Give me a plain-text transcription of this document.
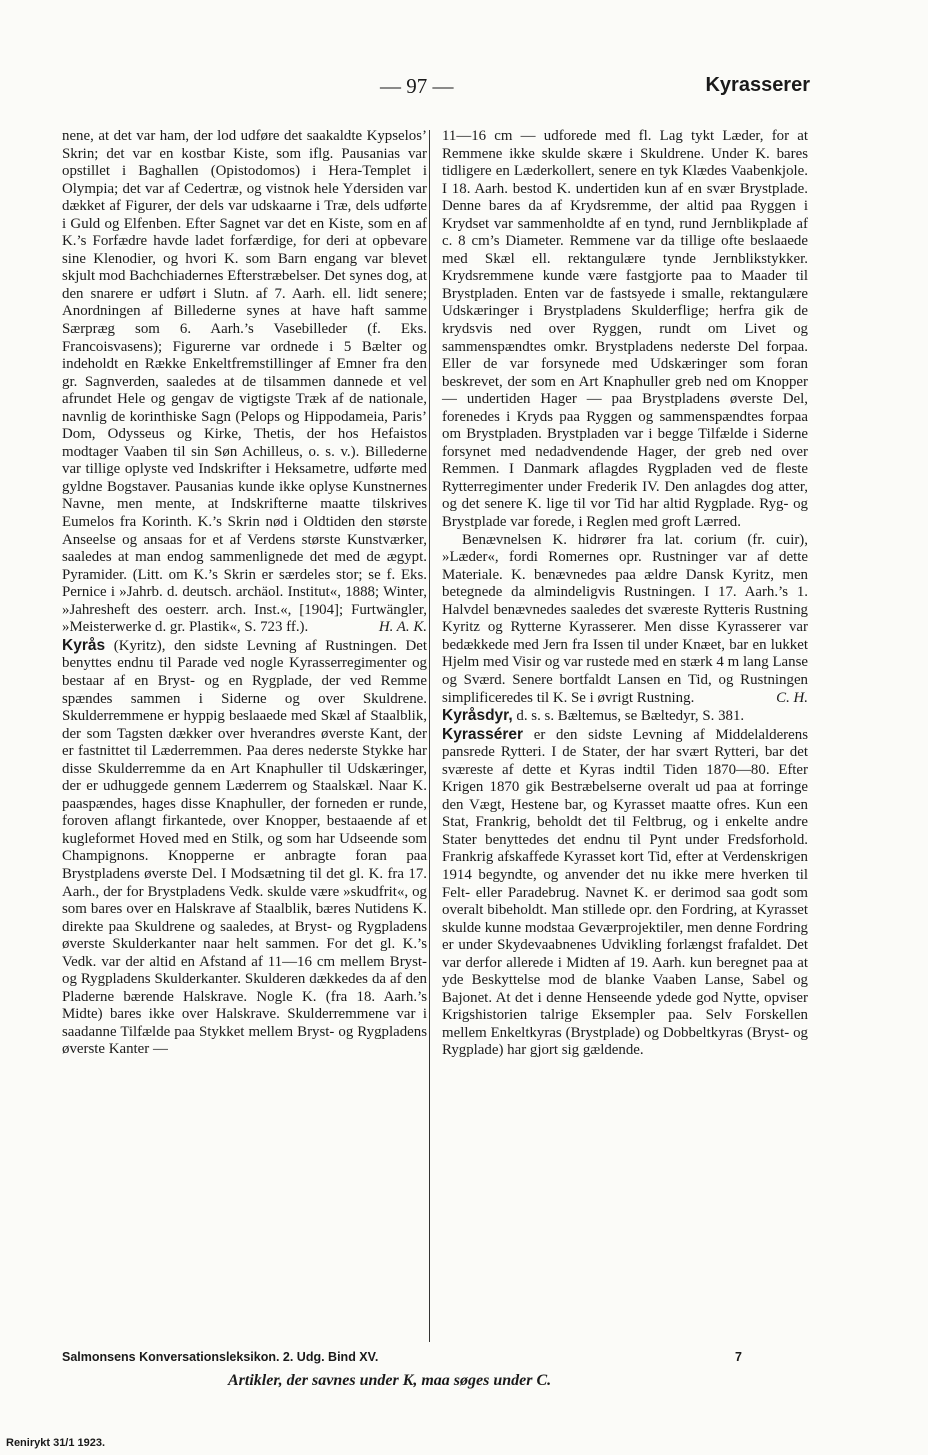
— 97 —	Kyrasserer

nene, at det var ham, der lod udføre det saakaldte Kypselos’ Skrin; det var en kostbar Kiste, som iflg. Pausanias var opstillet i Baghallen (Opistodomos) i Hera-Templet i Olympia; det var af Cedertræ, og vistnok hele Ydersiden var dækket af Figurer, der dels var udskaarne i Træ, dels udførte i Guld og Elfenben. Efter Sagnet var det en Kiste, som en af K.’s Forfædre havde ladet forfærdige, for deri at opbevare sine Klenodier, og hvori K. som Barn engang var blevet skjult mod Bachchiadernes Efterstræbelser. Det synes dog, at den snarere er udført i Slutn. af 7. Aarh. ell. lidt senere; Anordningen af Billederne synes at have haft samme Særpræg som 6. Aarh.’s Vasebilleder (f. Eks. Francoisvasens); Figurerne var ordnede i 5 Bælter og indeholdt en Række Enkeltfremstillinger af Emner fra den gr. Sagnverden, saaledes at de tilsammen dannede et vel afrundet Hele og gengav de vigtigste Træk af de nationale, navnlig de korinthiske Sagn (Pelops og Hippodameia, Paris’ Dom, Odysseus og Kirke, Thetis, der hos Hefaistos modtager Vaaben til sin Søn Achilleus, o. s. v.). Billederne var tillige oplyste ved Indskrifter i Heksametre, udførte med gyldne Bogstaver. Pausanias kunde ikke oplyse Kunstnernes Navne, men mente, at Indskrifterne maatte tilskrives Eumelos fra Korinth. K.’s Skrin nød i Oldtiden den største Anseelse og ansaas for et af Verdens største Kunstværker, saaledes at man endog sammenlignede det med de ægypt. Pyramider. (Litt. om K.’s Skrin er særdeles stor; se f. Eks. Pernice i »Jahrb. d. deutsch. archäol. Institut«, 1888; Winter, »Jahresheft des oesterr. arch. Inst.«, [1904]; Furtwängler, »Meisterwerke d. gr. Plastik«, S. 723 ff.).	H. A. K.

Kyrås (Kyritz), den sidste Levning af Rustningen. Det benyttes endnu til Parade ved nogle Kyrasserregimenter og bestaar af en Bryst- og en Rygplade, der ved Remme spændes sammen i Siderne og over Skuldrene. Skulderremmene er hyppig beslaaede med Skæl af Staalblik, der som Tagsten dækker over hverandres øverste Kant, der er fastnittet til Læderremmen. Paa deres nederste Stykke har disse Skulderremme da en Art Knaphuller til Udskæringer, der er udhuggede gennem Læderrem og Staalskæl. Naar K. paaspændes, hages disse Knaphuller, der forneden er runde, foroven aflangt firkantede, over Knopper, bestaaende af et kugleformet Hoved med en Stilk, og som har Udseende som Champignons. Knopperne er anbragte foran paa Brystpladens øverste Del. I Modsætning til det gl. K. fra 17. Aarh., der for Brystpladens Vedk. skulde være »skudfrit«, og som bares over en Halskrave af Staalblik, bæres Nutidens K. direkte paa Skuldrene og saaledes, at Bryst- og Rygpladens øverste Skulderkanter naar helt sammen. For det gl. K.’s Vedk. var der altid en Afstand af 11—16 cm mellem Bryst- og Rygpladens Skulderkanter. Skulderen dækkedes da af den Pladerne bærende Halskrave. Nogle K. (fra 18. Aarh.’s Midte) bares ikke over Halskrave. Skulderremmene var i saadanne Tilfælde paa Stykket mellem Bryst- og Rygpladens øverste Kanter —

11—16 cm — udforede med fl. Lag tykt Læder, for at Remmene ikke skulde skære i Skuldrene. Under K. bares tidligere en Læderkollert, senere en tyk Klædes Vaabenkjole. I 18. Aarh. bestod K. undertiden kun af en svær Brystplade. Denne bares da af Krydsremme, der altid paa Ryggen i Krydset var sammenholdte af en tynd, rund Jernblikplade af c. 8 cm’s Diameter. Remmene var da tillige ofte beslaaede med Skæl ell. rektangulære tynde Jernblikstykker. Krydsremmene kunde være fastgjorte paa to Maader til Brystpladen. Enten var de fastsyede i smalle, rektangulære Udskæringer i Brystpladens Skulderflige; herfra gik de krydsvis ned over Ryggen, rundt om Livet og sammenspændtes omkr. Brystpladens nederste Del forpaa. Eller de var forsynede med Udskæringer som foran beskrevet, der som en Art Knaphuller greb ned om Knopper — undertiden Hager — paa Brystpladens øverste Del, forenedes i Kryds paa Ryggen og sammenspændtes forpaa om Brystpladen. Brystpladen var i begge Tilfælde i Siderne forsynet med nedadvendende Hager, der greb ned over Remmen. I Danmark aflagdes Rygpladen ved de fleste Rytterregimenter under Frederik IV. Den anlagdes dog atter, og det senere K. lige til vor Tid har altid Rygplade. Ryg- og Brystplade var forede, i Reglen med groft Lærred.

Benævnelsen K. hidrører fra lat. corium (fr. cuir), »Læder«, fordi Romernes opr. Rustninger var af dette Materiale. K. benævnedes paa ældre Dansk Kyritz, men betegnede da almindeligvis Rustningen. I 17. Aarh.’s 1. Halvdel benævnedes saaledes det sværeste Rytteris Rustning Kyritz og Rytterne Kyrasserer. Men disse Kyrasserer var bedækkede med Jern fra Issen til under Knæet, bar en lukket Hjelm med Visir og var rustede med en stærk 4 m lang Lanse og Sværd. Senere bortfaldt Lansen en Tid, og Rustningen simplificeredes til K. Se i øvrigt Rustning.	C. H.

Kyråsdyr, d. s. s. Bæltemus, se Bæltedyr, S. 381.

Kyrassérer er den sidste Levning af Middelalderens pansrede Rytteri. I de Stater, der har svært Rytteri, bar det sværeste af dette et Kyras indtil Tiden 1870—80. Efter Krigen 1870 gik Bestræbelserne overalt ud paa at forringe den Vægt, Hestene bar, og Kyrasset maatte ofres. Kun een Stat, Frankrig, beholdt det til Feltbrug, og i enkelte andre Stater benyttedes det endnu til Pynt under Fredsforhold. Frankrig afskaffede Kyrasset kort Tid, efter at Verdenskrigen 1914 begyndte, og anvender det nu ikke mere hverken til Felt- eller Paradebrug. Navnet K. er derimod saa godt som overalt bibeholdt. Man stillede opr. den Fordring, at Kyrasset skulde kunne modstaa Geværprojektiler, men denne Fordring er under Skydevaabnenes Udvikling forlængst frafaldet. Det var derfor allerede i Midten af 19. Aarh. kun beregnet paa at yde Beskyttelse mod de blanke Vaaben Lanse, Sabel og Bajonet. At det i denne Henseende ydede god Nytte, opviser Krigshistorien talrige Eksempler paa. Selv Forskellen mellem Enkeltkyras (Brystplade) og Dobbeltkyras (Bryst- og Rygplade) har gjort sig gældende.

Salmonsens Konversationsleksikon. 2. Udg. Bind XV.	7
Artikler, der savnes under K, maa søges under C.
Renirykt 31/1 1923.
